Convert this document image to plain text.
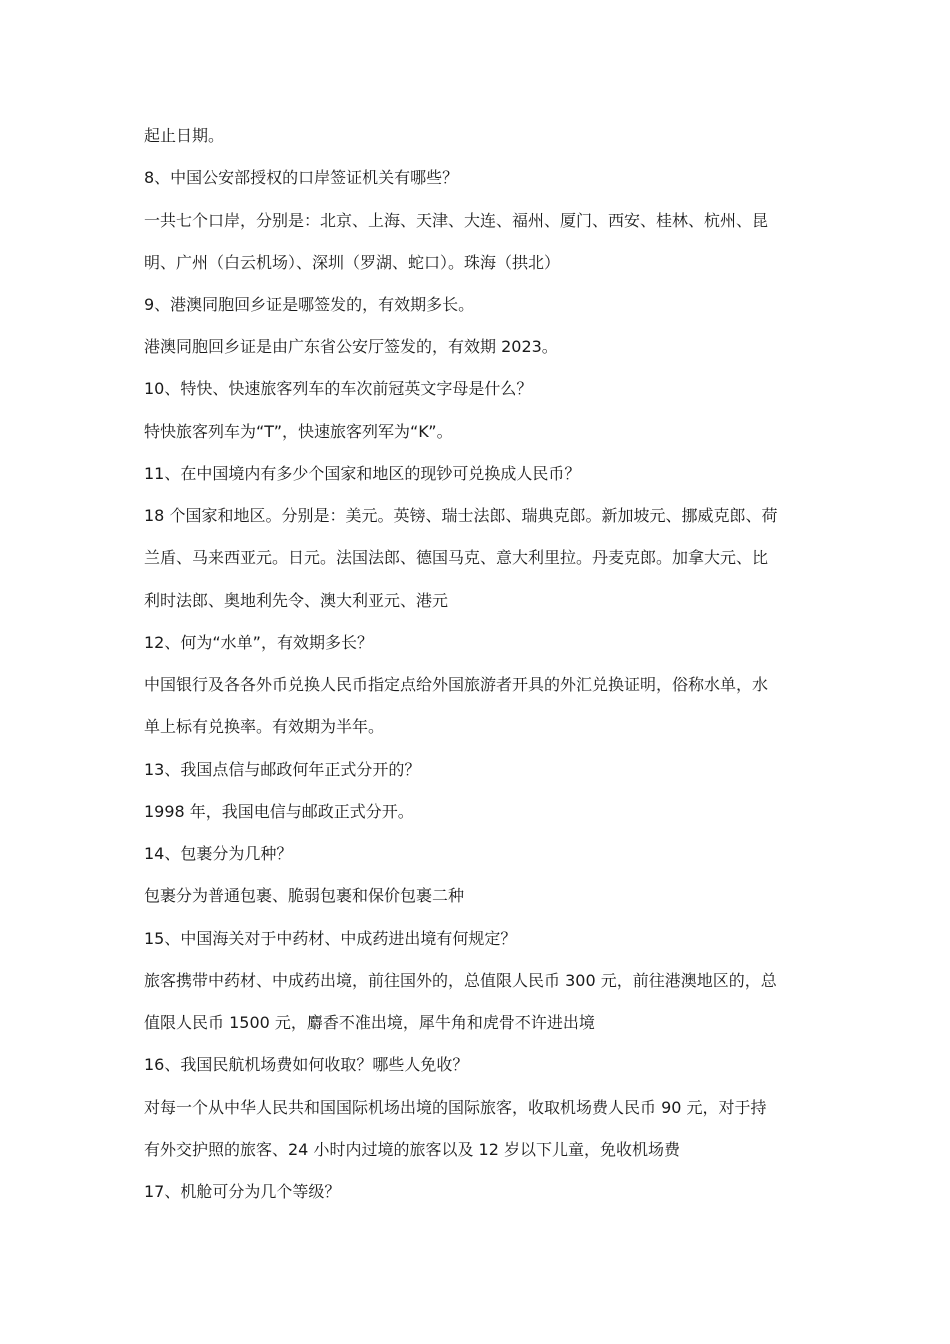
起止日期。
8、中国公安部授权的口岸签证机关有哪些？
一共七个口岸，分别是：北京、上海、天津、大连、福州、厦门、西安、桂林、杭州、昆
明、广州（白云机场）、深圳（罗湖、蛇口）。珠海（拱北）
9、港澳同胞回乡证是哪签发的，有效期多长。
港澳同胞回乡证是由广东省公安厅签发的，有效期 2023。
10、特快、快速旅客列车的车次前冠英文字母是什么？
特快旅客列车为“T”，快速旅客列军为“K”。
11、在中国境内有多少个国家和地区的现钞可兑换成人民币？
18 个国家和地区。分别是：美元。英镑、瑞士法郎、瑞典克郎。新加坡元、挪威克郎、荷
兰盾、马来西亚元。日元。法国法郎、德国马克、意大利里拉。丹麦克郎。加拿大元、比
利时法郎、奥地利先令、澳大利亚元、港元
12、何为“水单”，有效期多长？
中国银行及各各外币兑换人民币指定点给外国旅游者开具的外汇兑换证明，俗称水单，水
单上标有兑换率。有效期为半年。
13、我国点信与邮政何年正式分开的？
1998 年，我国电信与邮政正式分开。
14、包裹分为几种？
包裹分为普通包裹、脆弱包裹和保价包裹二种
15、中国海关对于中药材、中成药进出境有何规定？
旅客携带中药材、中成药出境，前往国外的，总值限人民币 300 元，前往港澳地区的，总
值限人民币 1500 元，麝香不准出境，犀牛角和虎骨不许进出境
16、我国民航机场费如何收取？哪些人免收？
对每一个从中华人民共和国国际机场出境的国际旅客，收取机场费人民币 90 元，对于持
有外交护照的旅客、24 小时内过境的旅客以及 12 岁以下儿童，免收机场费
17、机舱可分为几个等级？
